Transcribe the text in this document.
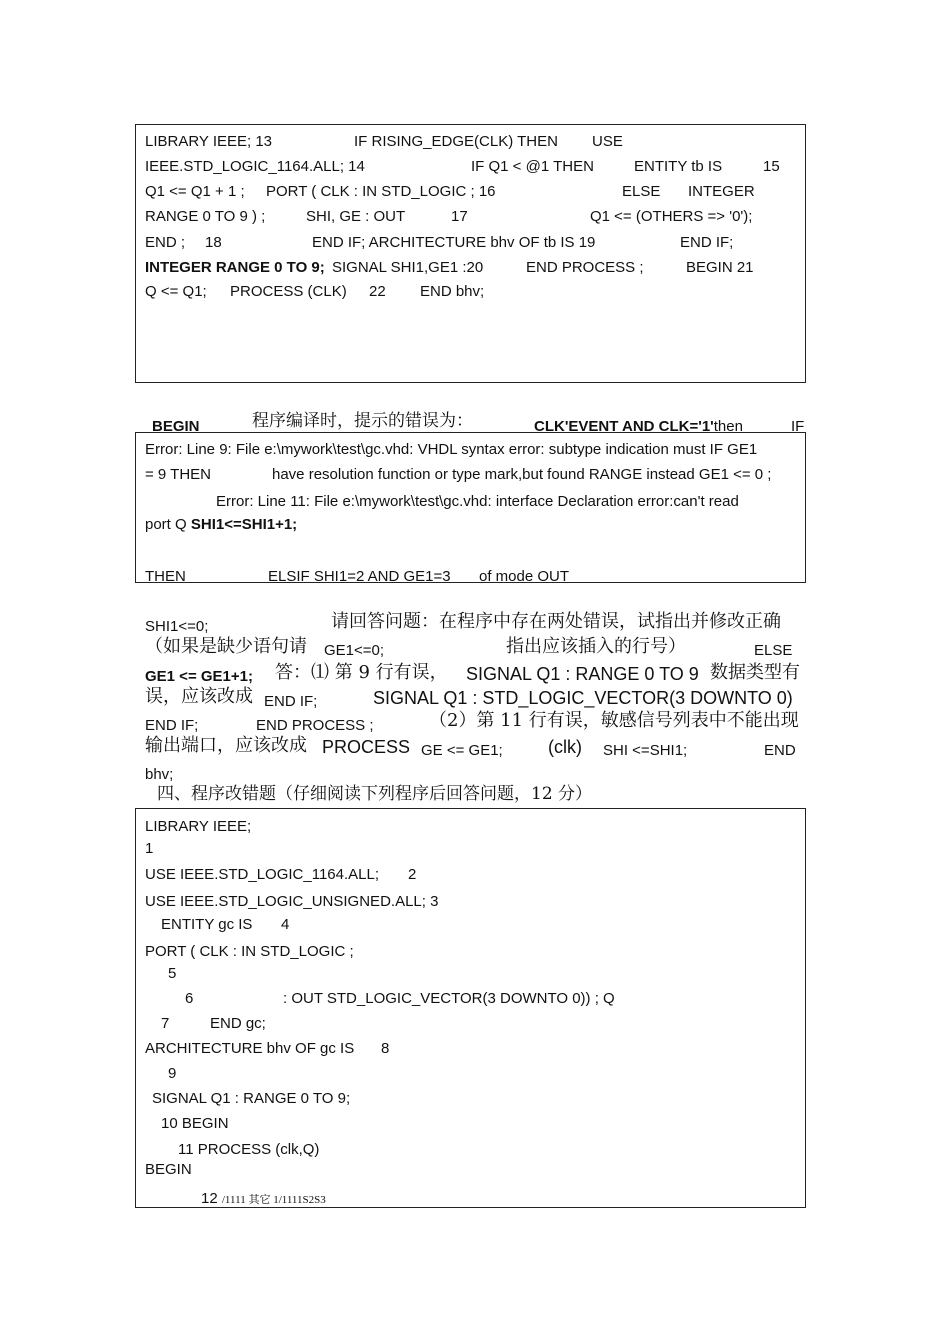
LIBRARY IEEE; 13	IF RISING_EDGE(CLK) THEN USE
IEEE.STD_LOGIC_1164.ALL; 14	IF Q1 < @1 THEN	ENTITY tb IS	15
Q1 <= Q1 + 1 ; PORT ( CLK : IN STD_LOGIC ; 16	ELSE INTEGER
RANGE 0 TO 9 ) ;	SHI, GE : OUT	17	Q1 <= (OTHERS => '0');
END ; 18	END IF; ARCHITECTURE bhv OF tb IS 19	END IF;
INTEGER RANGE 0 TO 9; SIGNAL SHI1,GE1 :20	END PROCESS ;	BEGIN 21
Q <= Q1; PROCESS (CLK) 22 END bhv;
BEGIN	程序编译时，提示的错误为：	CLK'EVENT AND CLK='1'then	IF
Error: Line 9: File e:\mywork\test\gc.vhd: VHDL syntax error: subtype indication must IF GE1
= 9 THEN	have resolution function or type mark,but found RANGE instead GE1 <= 0 ;
Error: Line 11: File e:\mywork\test\gc.vhd: interface Declaration error:can't read
port Q SHI1<=SHI1+1;
THEN	ELSIF SHI1=2 AND GE1=3 of mode OUT
SHI1<=0;	请回答问题：在程序中存在两处错误，试指出并修改正确
（如果是缺少语句请 GE1<=0;	指出应该插入的行号）	ELSE
GE1 <= GE1+1; 答：⑴ 第 9 行有误， SIGNAL Q1 : RANGE 0 TO 9 数据类型有
误，应该改成 END IF;	SIGNAL Q1 : STD_LOGIC_VECTOR(3 DOWNTO 0)
END IF;	END PROCESS ;	（2）第 11 行有误，敏感信号列表中不能出现
输出端口，应该改成 PROCESS GE <= GE1;	(clk) SHI <=SHI1;	END
bhv;
四、程序改错题（仔细阅读下列程序后回答问题，12 分）
LIBRARY IEEE;
1
USE IEEE.STD_LOGIC_1164.ALL; 2
USE IEEE.STD_LOGIC_UNSIGNED.ALL; 3
ENTITY gc IS 4
PORT ( CLK : IN STD_LOGIC ;
5
6	: OUT STD_LOGIC_VECTOR(3 DOWNTO 0)) ; Q
7	END gc;
ARCHITECTURE bhv OF gc IS 8
9
SIGNAL Q1 : RANGE 0 TO 9;
10 BEGIN
11 PROCESS (clk,Q)
BEGIN
12 /1111 其它 1/1111S2S3
